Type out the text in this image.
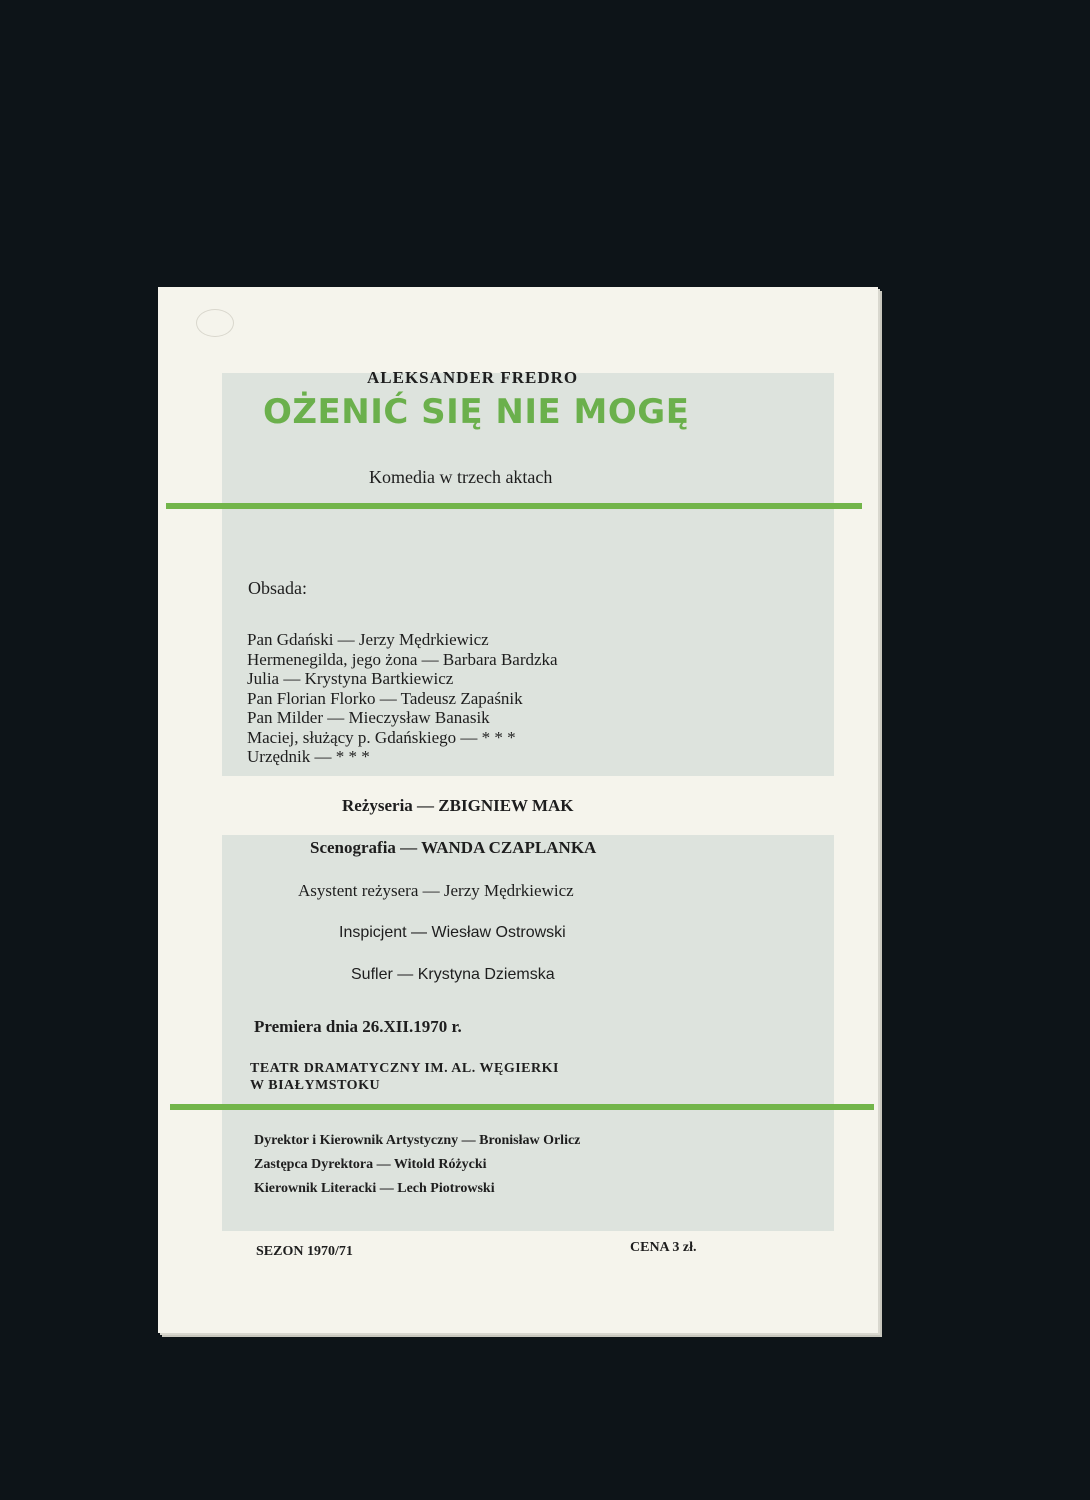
ALEKSANDER FREDRO
OŻENIĆ SIĘ NIE MOGĘ
Komedia w trzech aktach
Obsada:
Pan Gdański — Jerzy Mędrkiewicz
Hermenegilda, jego żona — Barbara Bardzka
Julia — Krystyna Bartkiewicz
Pan Florian Florko — Tadeusz Zapaśnik
Pan Milder — Mieczysław Banasik
Maciej, służący p. Gdańskiego — * * *
Urzędnik — * * *
Reżyseria — ZBIGNIEW MAK
Scenografia — WANDA CZAPLANKA
Asystent reżysera — Jerzy Mędrkiewicz
Inspicjent — Wiesław Ostrowski
Sufler — Krystyna Dziemska
Premiera dnia 26.XII.1970 r.
TEATR DRAMATYCZNY IM. AL. WĘGIERKI
W BIAŁYMSTOKU
Dyrektor i Kierownik Artystyczny — Bronisław Orlicz
Zastępca Dyrektora — Witold Różycki
Kierownik Literacki — Lech Piotrowski
SEZON 1970/71	CENA 3 zł.
